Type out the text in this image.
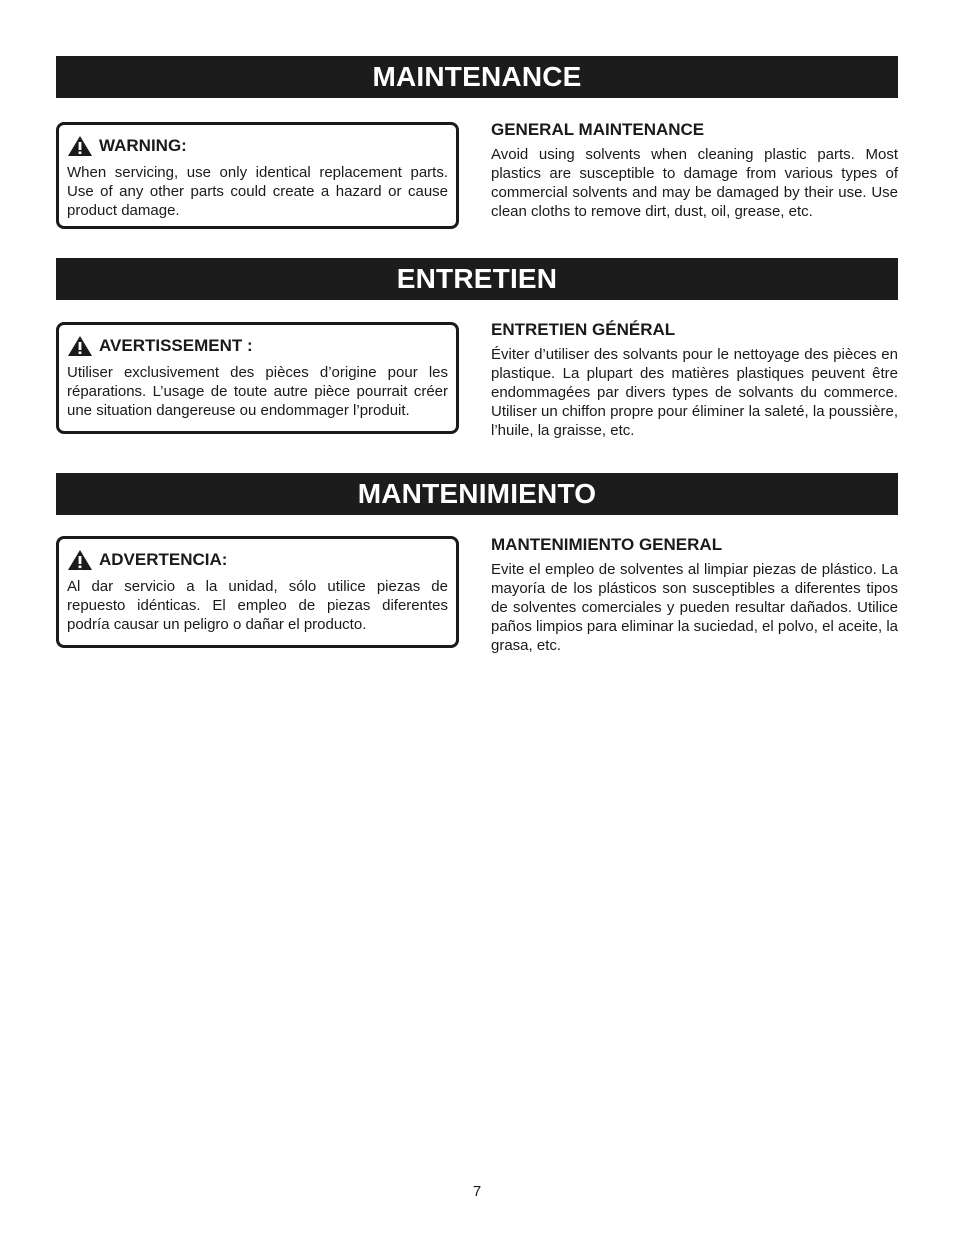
MAINTENANCE
WARNING:
When servicing, use only identical replacement parts. Use of any other parts could create a hazard or cause product damage.
GENERAL MAINTENANCE
Avoid using solvents when cleaning plastic parts. Most plastics are susceptible to damage from various types of commercial solvents and may be damaged by their use. Use clean cloths to remove dirt, dust, oil, grease, etc.
ENTRETIEN
AVERTISSEMENT :
Utiliser exclusivement des pièces d’origine pour les réparations. L’usage de toute autre pièce pourrait créer une situation dangereuse ou endommager l’produit.
ENTRETIEN GÉNÉRAL
Éviter d’utiliser des solvants pour le nettoyage des pièces en plastique. La plupart des matières plastiques peuvent être endommagées par divers types de solvants du commerce. Utiliser un chiffon propre pour éliminer la saleté, la poussière, l’huile, la graisse, etc.
MANTENIMIENTO
ADVERTENCIA:
Al dar servicio a la unidad, sólo utilice piezas de repuesto idénticas. El empleo de piezas diferentes podría causar un peligro o dañar el producto.
MANTENIMIENTO GENERAL
Evite el empleo de solventes al limpiar piezas de plástico. La mayoría de los plásticos son susceptibles a diferentes tipos de solventes comerciales y pueden resultar dañados. Utilice paños limpios para eliminar la suciedad, el polvo, el aceite, la grasa, etc.
7
